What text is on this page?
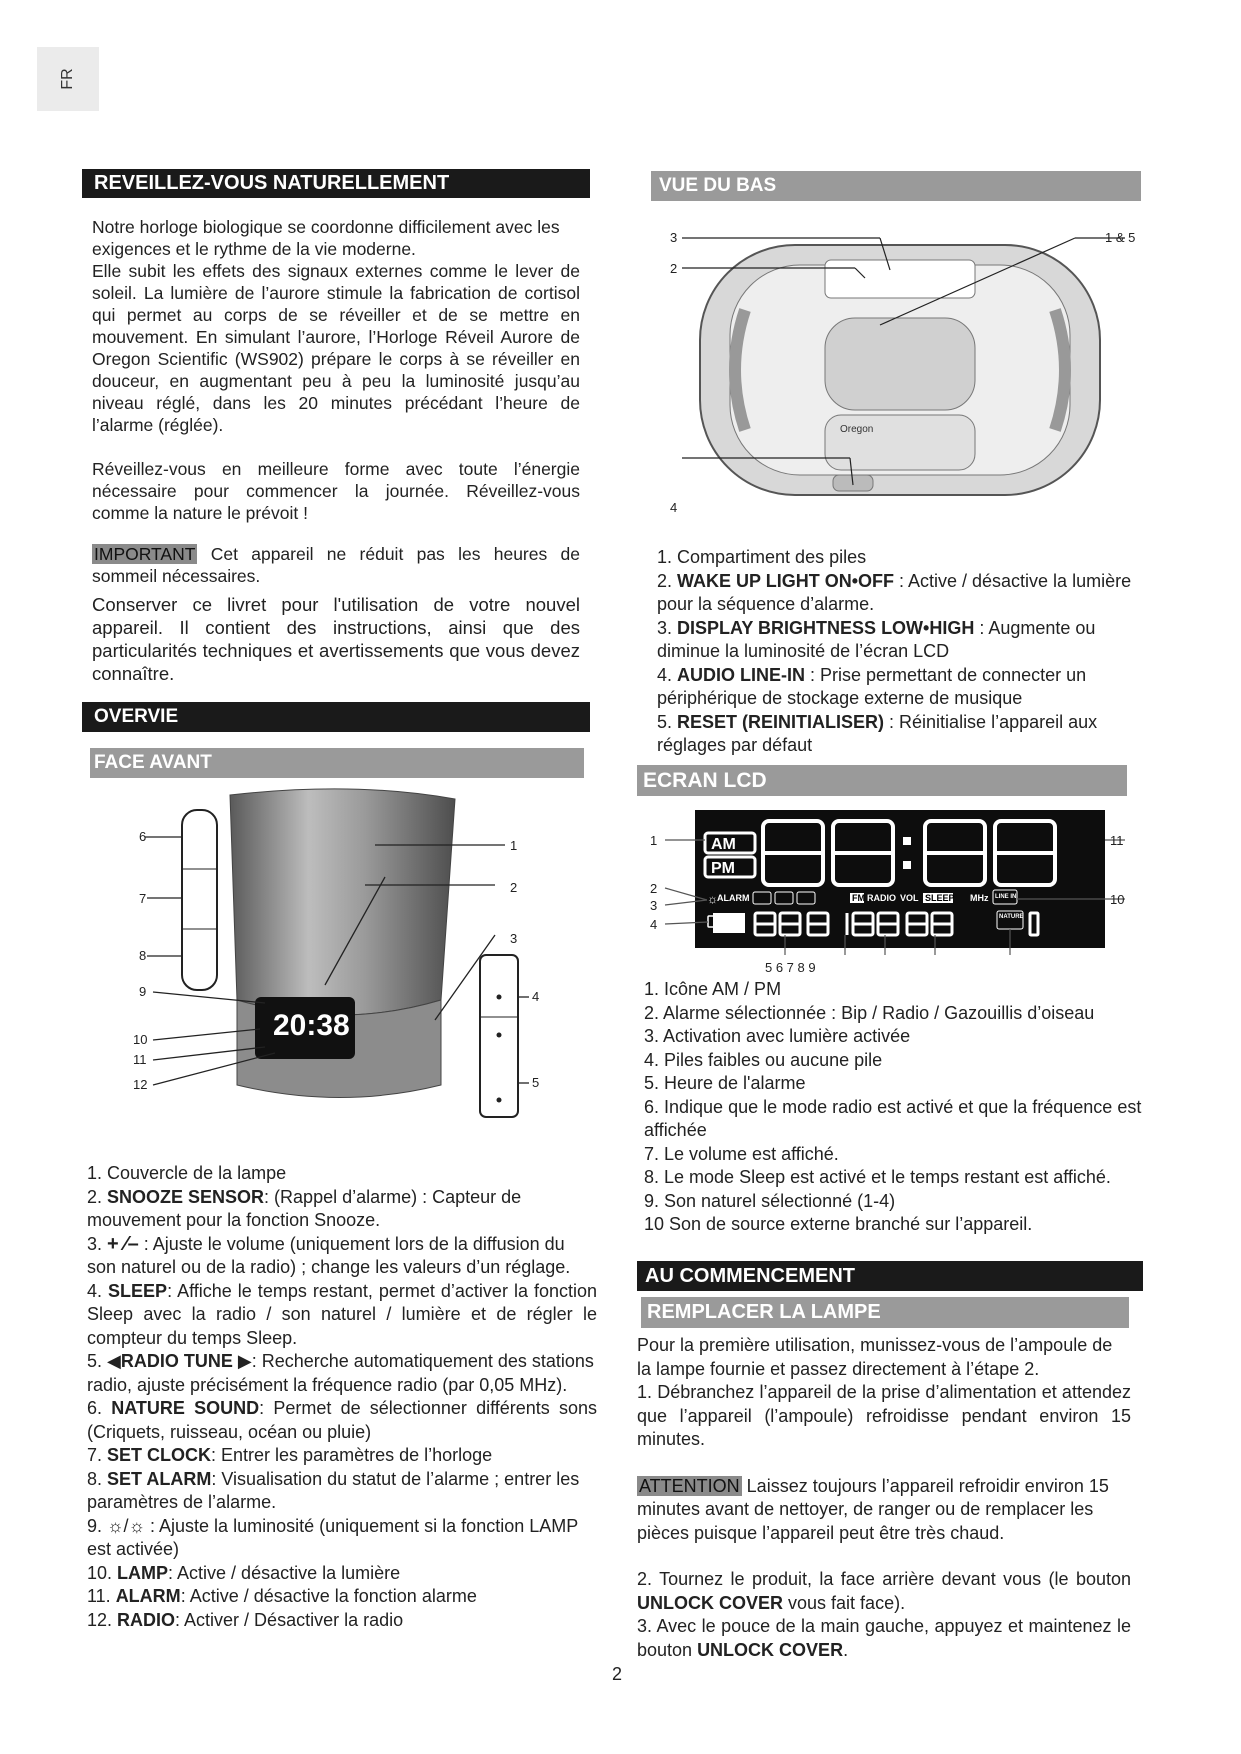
FR
REVEILLEZ-VOUS NATURELLEMENT

Notre horloge biologique se coordonne difficilement avec les exigences et le rythme de la vie moderne.

Elle subit les effets des signaux externes comme le lever de soleil. La lumière de l’aurore stimule la fabrication de cortisol qui permet au corps de se réveiller et de se mettre en mouvement. En simulant l’aurore, l’Horloge Réveil Aurore de Oregon Scientific (WS902) prépare le corps à se réveiller en douceur, en augmentant peu à peu la luminosité jusqu’au niveau réglé, dans les 20 minutes précédant l’heure de l’alarme (réglée).

Réveillez-vous en meilleure forme avec toute l’énergie nécessaire pour commencer la journée. Réveillez-vous comme la nature le prévoit !

IMPORTANT Cet appareil ne réduit pas les heures de sommeil nécessaires.

Conserver ce livret pour l'utilisation de votre nouvel appareil. Il contient des instructions, ainsi que des particularités techniques et avertissements que vous devez connaître.

OVERVIE
FACE AVANT
20:38
6
7
8
9
10
11
12
1
2
3
4
5

1. Couvercle de la lampe

2. SNOOZE SENSOR: (Rappel d’alarme) : Capteur de mouvement pour la fonction Snooze.

3. + ⁄– : Ajuste le volume (uniquement lors de la diffusion du son naturel ou de la radio) ; change les valeurs d’un réglage.

4. SLEEP: Affiche le temps restant, permet d’activer la fonction Sleep avec la radio / son naturel / lumière et de régler le compteur du temps Sleep.

5. ◀RADIO TUNE ▶: Recherche automatiquement des stations radio, ajuste précisément la fréquence radio (par 0,05 MHz).

6. NATURE SOUND: Permet de sélectionner différents sons (Criquets, ruisseau, océan ou pluie)

7. SET CLOCK: Entrer les paramètres de l’horloge

8. SET ALARM: Visualisation du statut de l’alarme ; entrer les paramètres de l’alarme.

9. ☼/☼ : Ajuste la luminosité (uniquement si la fonction LAMP est activée)

10. LAMP: Active / désactive la lumière

11. ALARM: Active / désactive la fonction alarme

12. RADIO: Activer / Désactiver la radio

VUE DU BAS
Oregon
3	1 & 5
2
4

1. Compartiment des piles

2. WAKE UP LIGHT ON•OFF : Active / désactive la lumière pour la séquence d’alarme.

3. DISPLAY BRIGHTNESS LOW•HIGH : Augmente ou diminue la luminosité de l’écran LCD

4. AUDIO LINE-IN : Prise permettant de connecter un périphérique de stockage externe de musique

5. RESET (REINITIALISER) : Réinitialise l’appareil aux réglages par défaut

ECRAN LCD
AM
PM
ALARM	FM RADIO VOL SLEEP MHz LINE IN
NATURE
☼
1
2
3
4
11
10
5 6 7 8 9

1. Icône AM / PM

2. Alarme sélectionnée : Bip / Radio / Gazouillis d’oiseau

3. Activation avec lumière activée

4. Piles faibles ou aucune pile

5. Heure de l'alarme

6. Indique que le mode radio est activé et que la fréquence est affichée

7. Le volume est affiché.

8. Le mode Sleep est activé et le temps restant est affiché.

9. Son naturel sélectionné (1-4)

10 Son de source externe branché sur l’appareil.

AU COMMENCEMENT
REMPLACER LA LAMPE

Pour la première utilisation, munissez-vous de l’ampoule de la lampe fournie et passez directement à l’étape 2.

1. Débranchez l’appareil de la prise d’alimentation et attendez que l’appareil (l’ampoule) refroidisse pendant environ 15 minutes.

ATTENTION Laissez toujours l’appareil refroidir environ 15 minutes avant de nettoyer, de ranger ou de remplacer les pièces puisque l’appareil peut être très chaud.

2. Tournez le produit, la face arrière devant vous (le bouton UNLOCK COVER vous fait face).

3. Avec le pouce de la main gauche, appuyez et maintenez le bouton UNLOCK COVER.

2
